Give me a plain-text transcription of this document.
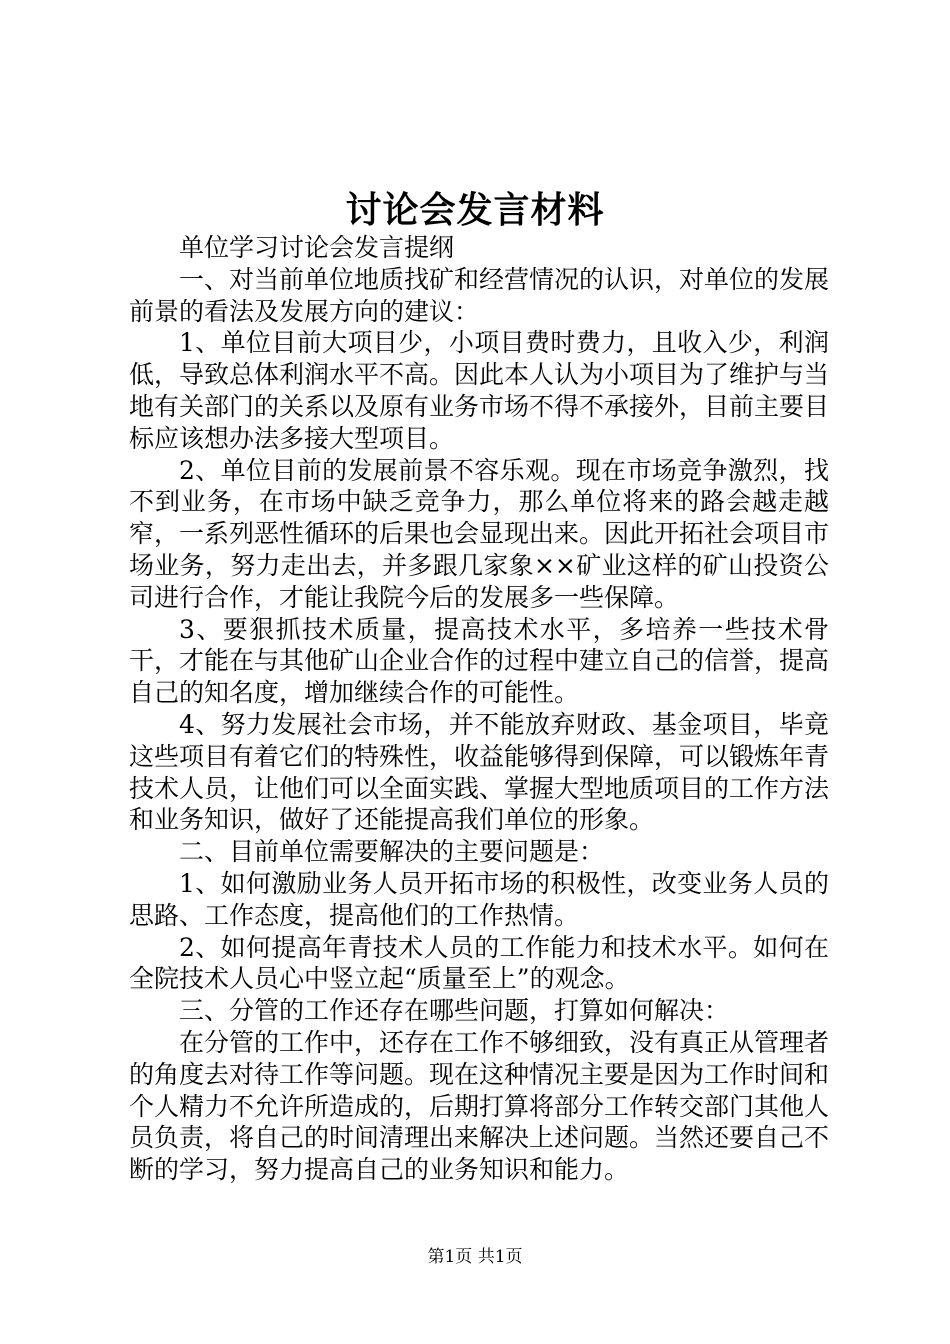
讨论会发言材料

单位学习讨论会发言提纲

一、对当前单位地质找矿和经营情况的认识，对单位的发展前景的看法及发展方向的建议：

1、单位目前大项目少，小项目费时费力，且收入少，利润低，导致总体利润水平不高。因此本人认为小项目为了维护与当地有关部门的关系以及原有业务市场不得不承接外，目前主要目标应该想办法多接大型项目。

2、单位目前的发展前景不容乐观。现在市场竞争激烈，找不到业务，在市场中缺乏竞争力，那么单位将来的路会越走越窄，一系列恶性循环的后果也会显现出来。因此开拓社会项目市场业务，努力走出去，并多跟几家象××矿业这样的矿山投资公司进行合作，才能让我院今后的发展多一些保障。

3、要狠抓技术质量，提高技术水平，多培养一些技术骨干，才能在与其他矿山企业合作的过程中建立自己的信誉，提高自己的知名度，增加继续合作的可能性。

4、努力发展社会市场，并不能放弃财政、基金项目，毕竟这些项目有着它们的特殊性，收益能够得到保障，可以锻炼年青技术人员，让他们可以全面实践、掌握大型地质项目的工作方法和业务知识，做好了还能提高我们单位的形象。

二、目前单位需要解决的主要问题是：

1、如何激励业务人员开拓市场的积极性，改变业务人员的思路、工作态度，提高他们的工作热情。

2、如何提高年青技术人员的工作能力和技术水平。如何在全院技术人员心中竖立起“质量至上”的观念。

三、分管的工作还存在哪些问题，打算如何解决：

在分管的工作中，还存在工作不够细致，没有真正从管理者的角度去对待工作等问题。现在这种情况主要是因为工作时间和个人精力不允许所造成的，后期打算将部分工作转交部门其他人员负责，将自己的时间清理出来解决上述问题。当然还要自己不断的学习，努力提高自己的业务知识和能力。

第1页 共1页
